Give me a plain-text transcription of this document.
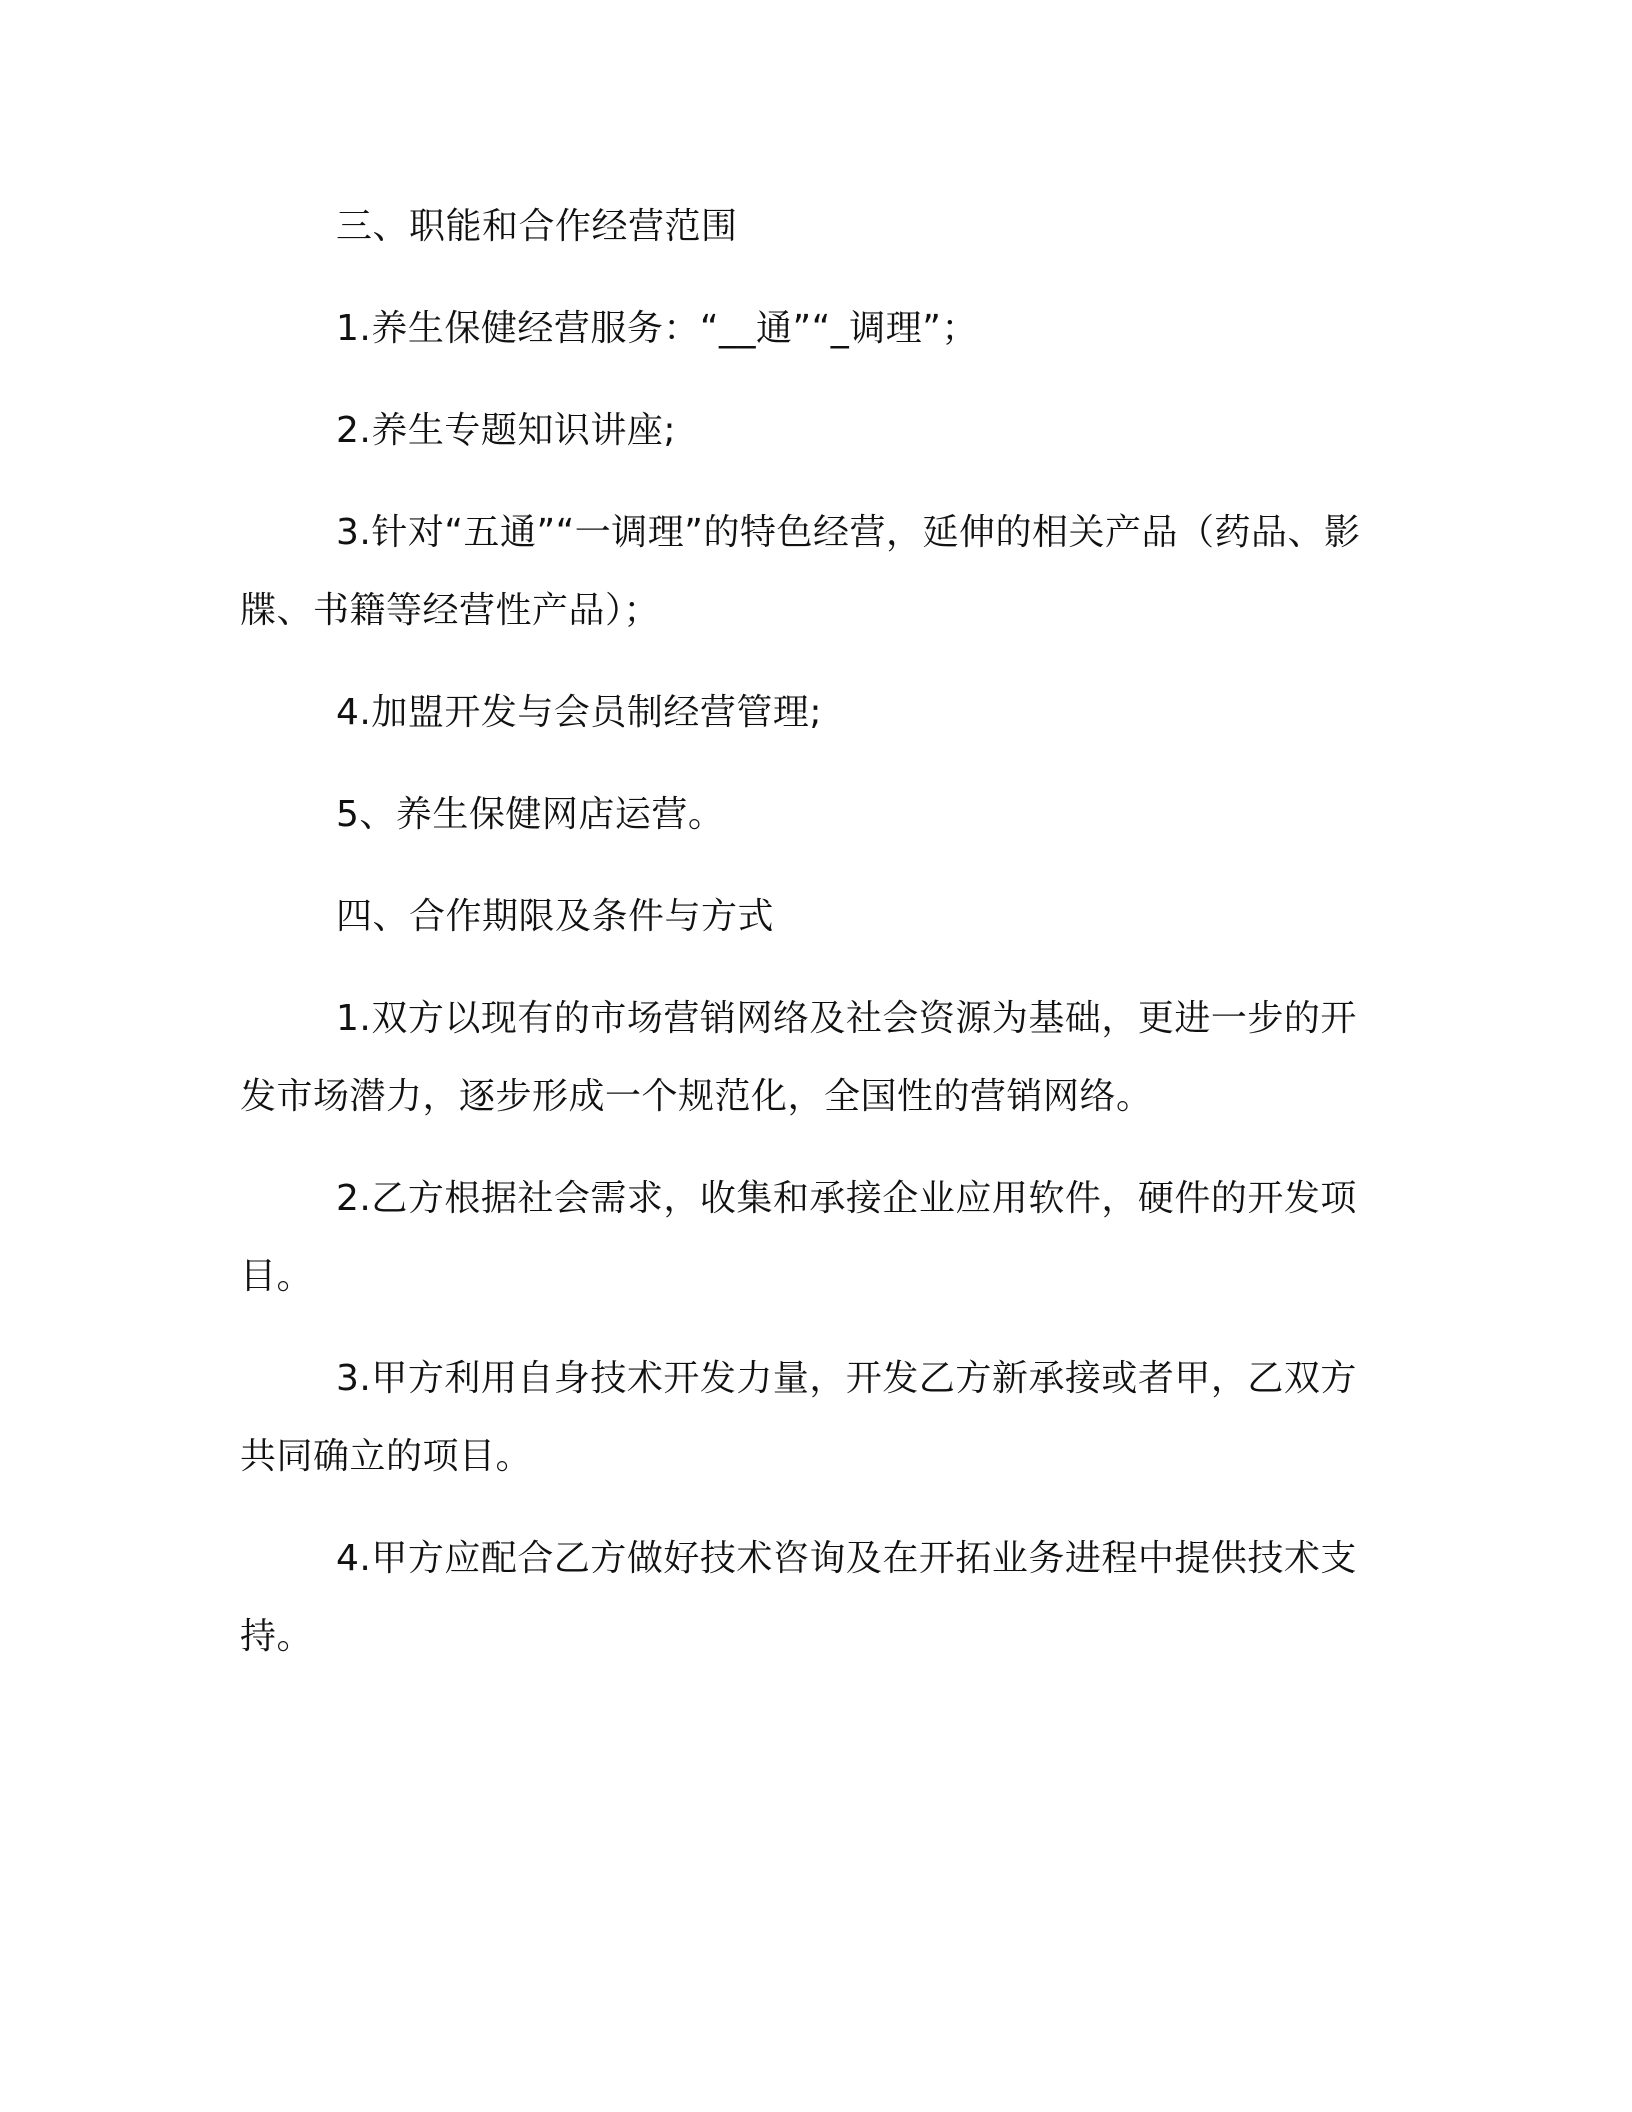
三、职能和合作经营范围

1.养生保健经营服务：“__通”“_调理”；

2.养生专题知识讲座;

3.针对“五通”“一调理”的特色经营，延伸的相关产品（药品、影牒、书籍等经营性产品）；

4.加盟开发与会员制经营管理;

5、养生保健网店运营。

四、合作期限及条件与方式

1.双方以现有的市场营销网络及社会资源为基础，更进一步的开发市场潜力，逐步形成一个规范化，全国性的营销网络。

2.乙方根据社会需求，收集和承接企业应用软件，硬件的开发项目。

3.甲方利用自身技术开发力量，开发乙方新承接或者甲，乙双方共同确立的项目。

4.甲方应配合乙方做好技术咨询及在开拓业务进程中提供技术支持。
